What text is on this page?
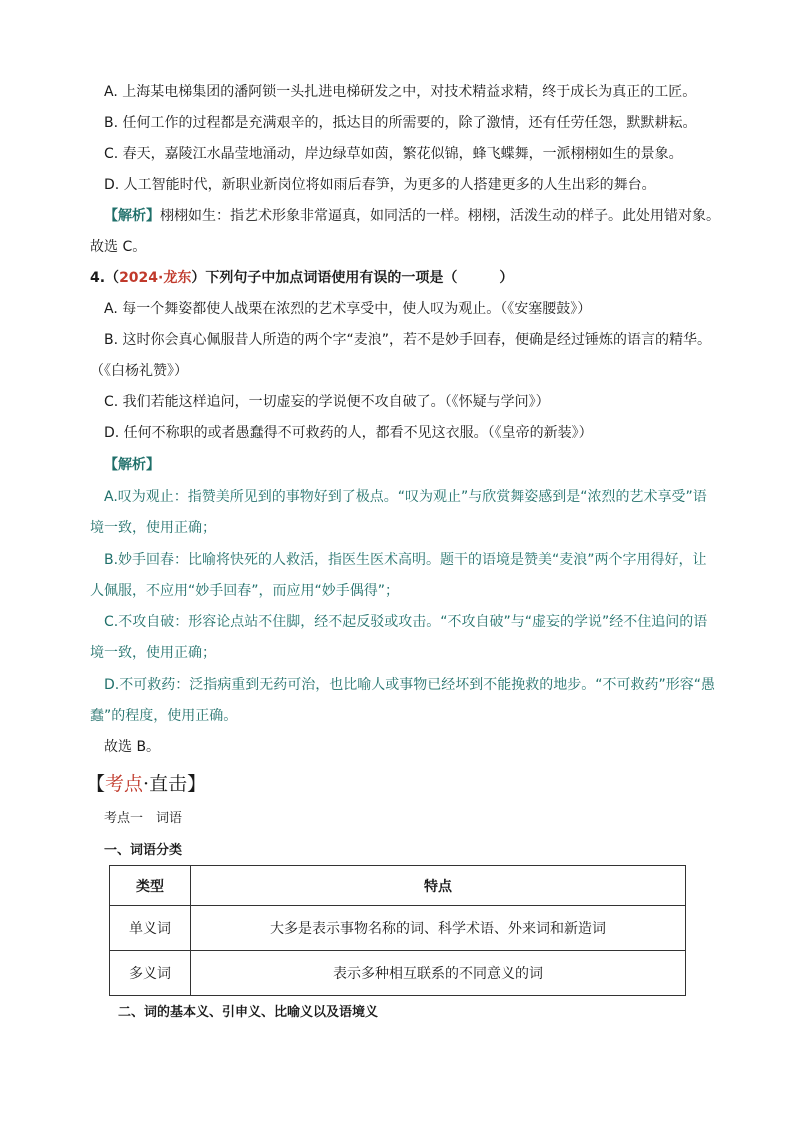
A. 上海某电梯集团的潘阿锁一头扎进电梯研发之中，对技术精益求精，终于成长为真正的工匠。
B. 任何工作的过程都是充满艰辛的，抵达目的所需要的，除了激情，还有任劳任怨，默默耕耘。
C. 春天，嘉陵江水晶莹地涌动，岸边绿草如茵，繁花似锦，蜂飞蝶舞，一派栩栩如生的景象。
D. 人工智能时代，新职业新岗位将如雨后春笋，为更多的人搭建更多的人生出彩的舞台。
【解析】栩栩如生：指艺术形象非常逼真，如同活的一样。栩栩，活泼生动的样子。此处用错对象。
故选 C。
4.（2024·龙东）下列句子中加点词语使用有误的一项是（　　　）
A. 每一个舞姿都使人战栗在浓烈的艺术享受中，使人叹为观止。（《安塞腰鼓》）
B. 这时你会真心佩服昔人所造的两个字“麦浪”，若不是妙手回春，便确是经过锤炼的语言的精华。
（《白杨礼赞》）
C. 我们若能这样追问，一切虚妄的学说便不攻自破了。（《怀疑与学问》）
D. 任何不称职的或者愚蠢得不可救药的人，都看不见这衣服。（《皇帝的新装》）
【解析】
A.叹为观止：指赞美所见到的事物好到了极点。“叹为观止”与欣赏舞姿感到是“浓烈的艺术享受”语
境一致，使用正确；
B.妙手回春：比喻将快死的人救活，指医生医术高明。题干的语境是赞美“麦浪”两个字用得好，让
人佩服，不应用“妙手回春”，而应用“妙手偶得”；
C.不攻自破：形容论点站不住脚，经不起反驳或攻击。“不攻自破”与“虚妄的学说”经不住追问的语
境一致，使用正确；
D.不可救药：泛指病重到无药可治，也比喻人或事物已经坏到不能挽救的地步。“不可救药”形容“愚
蠢”的程度，使用正确。
故选 B。
【考点·直击】
考点一　词语
一、词语分类
类型	特点
单义词	大多是表示事物名称的词、科学术语、外来词和新造词
多义词	表示多种相互联系的不同意义的词
二、词的基本义、引申义、比喻义以及语境义
